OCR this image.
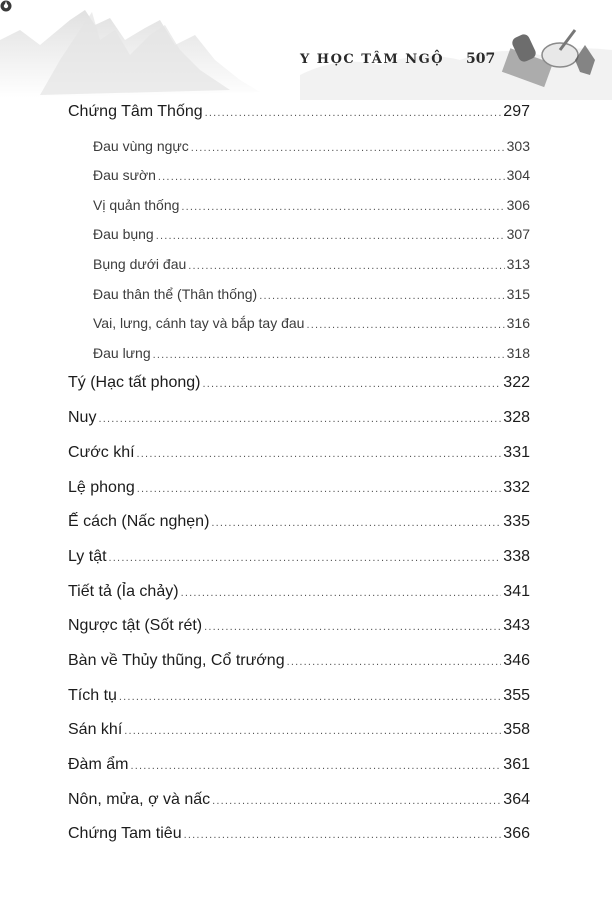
Y HỌC TÂM NGỘ 507
Chứng Tâm Thống .....	297
Đau vùng ngực .....	303
Đau sườn .....	304
Vị quản thống .....	306
Đau bụng .....	307
Bụng dưới đau .....	313
Đau thân thể (Thân thống) .....	315
Vai, lưng, cánh tay và bắp tay đau .....	316
Đau lưng .....	318
Tý (Hạc tất phong) .....	322
Nuy .....	328
Cước khí .....	331
Lệ phong .....	332
Ế cách (Nấc nghẹn) .....	335
Ly tật .....	338
Tiết tả (Ỉa chảy) .....	341
Ngược tật (Sốt rét) .....	343
Bàn về Thủy thũng, Cổ trướng .....	346
Tích tụ .....	355
Sán khí .....	358
Đàm ẩm .....	361
Nôn, mửa, ợ và nấc .....	364
Chứng Tam tiêu .....	366
